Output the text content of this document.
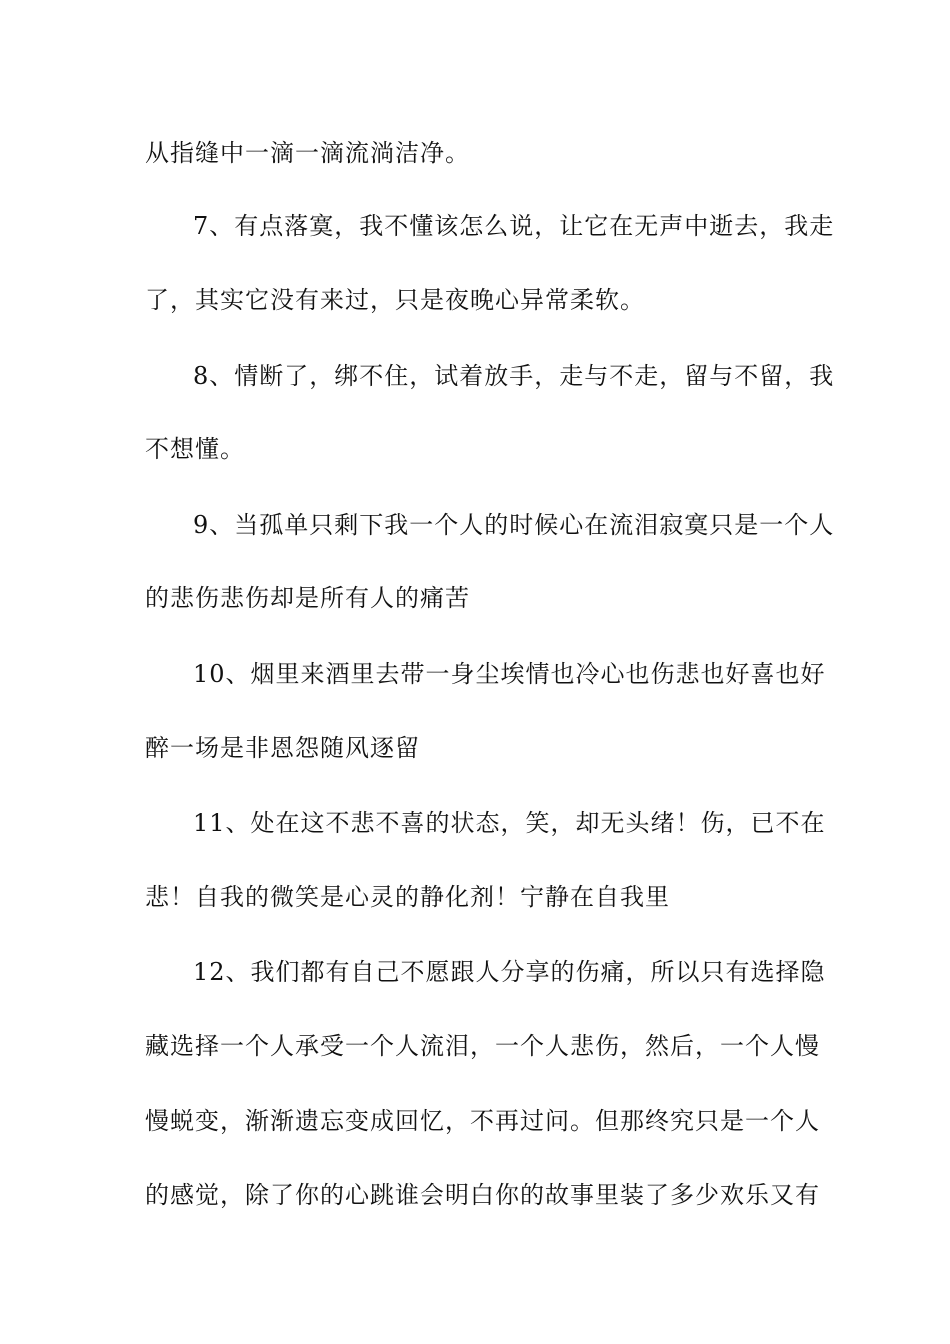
从指缝中一滴一滴流淌洁净。
7、有点落寞，我不懂该怎么说，让它在无声中逝去，我走
了，其实它没有来过，只是夜晚心异常柔软。
8、情断了，绑不住，试着放手，走与不走，留与不留，我
不想懂。
9、当孤单只剩下我一个人的时候心在流泪寂寞只是一个人
的悲伤悲伤却是所有人的痛苦
10、烟里来酒里去带一身尘埃情也冷心也伤悲也好喜也好
醉一场是非恩怨随风逐留
11、处在这不悲不喜的状态，笑，却无头绪！伤，已不在
悲！自我的微笑是心灵的静化剂！宁静在自我里
12、我们都有自己不愿跟人分享的伤痛，所以只有选择隐
藏选择一个人承受一个人流泪，一个人悲伤，然后，一个人慢
慢蜕变，渐渐遗忘变成回忆，不再过问。但那终究只是一个人
的感觉，除了你的心跳谁会明白你的故事里装了多少欢乐又有
